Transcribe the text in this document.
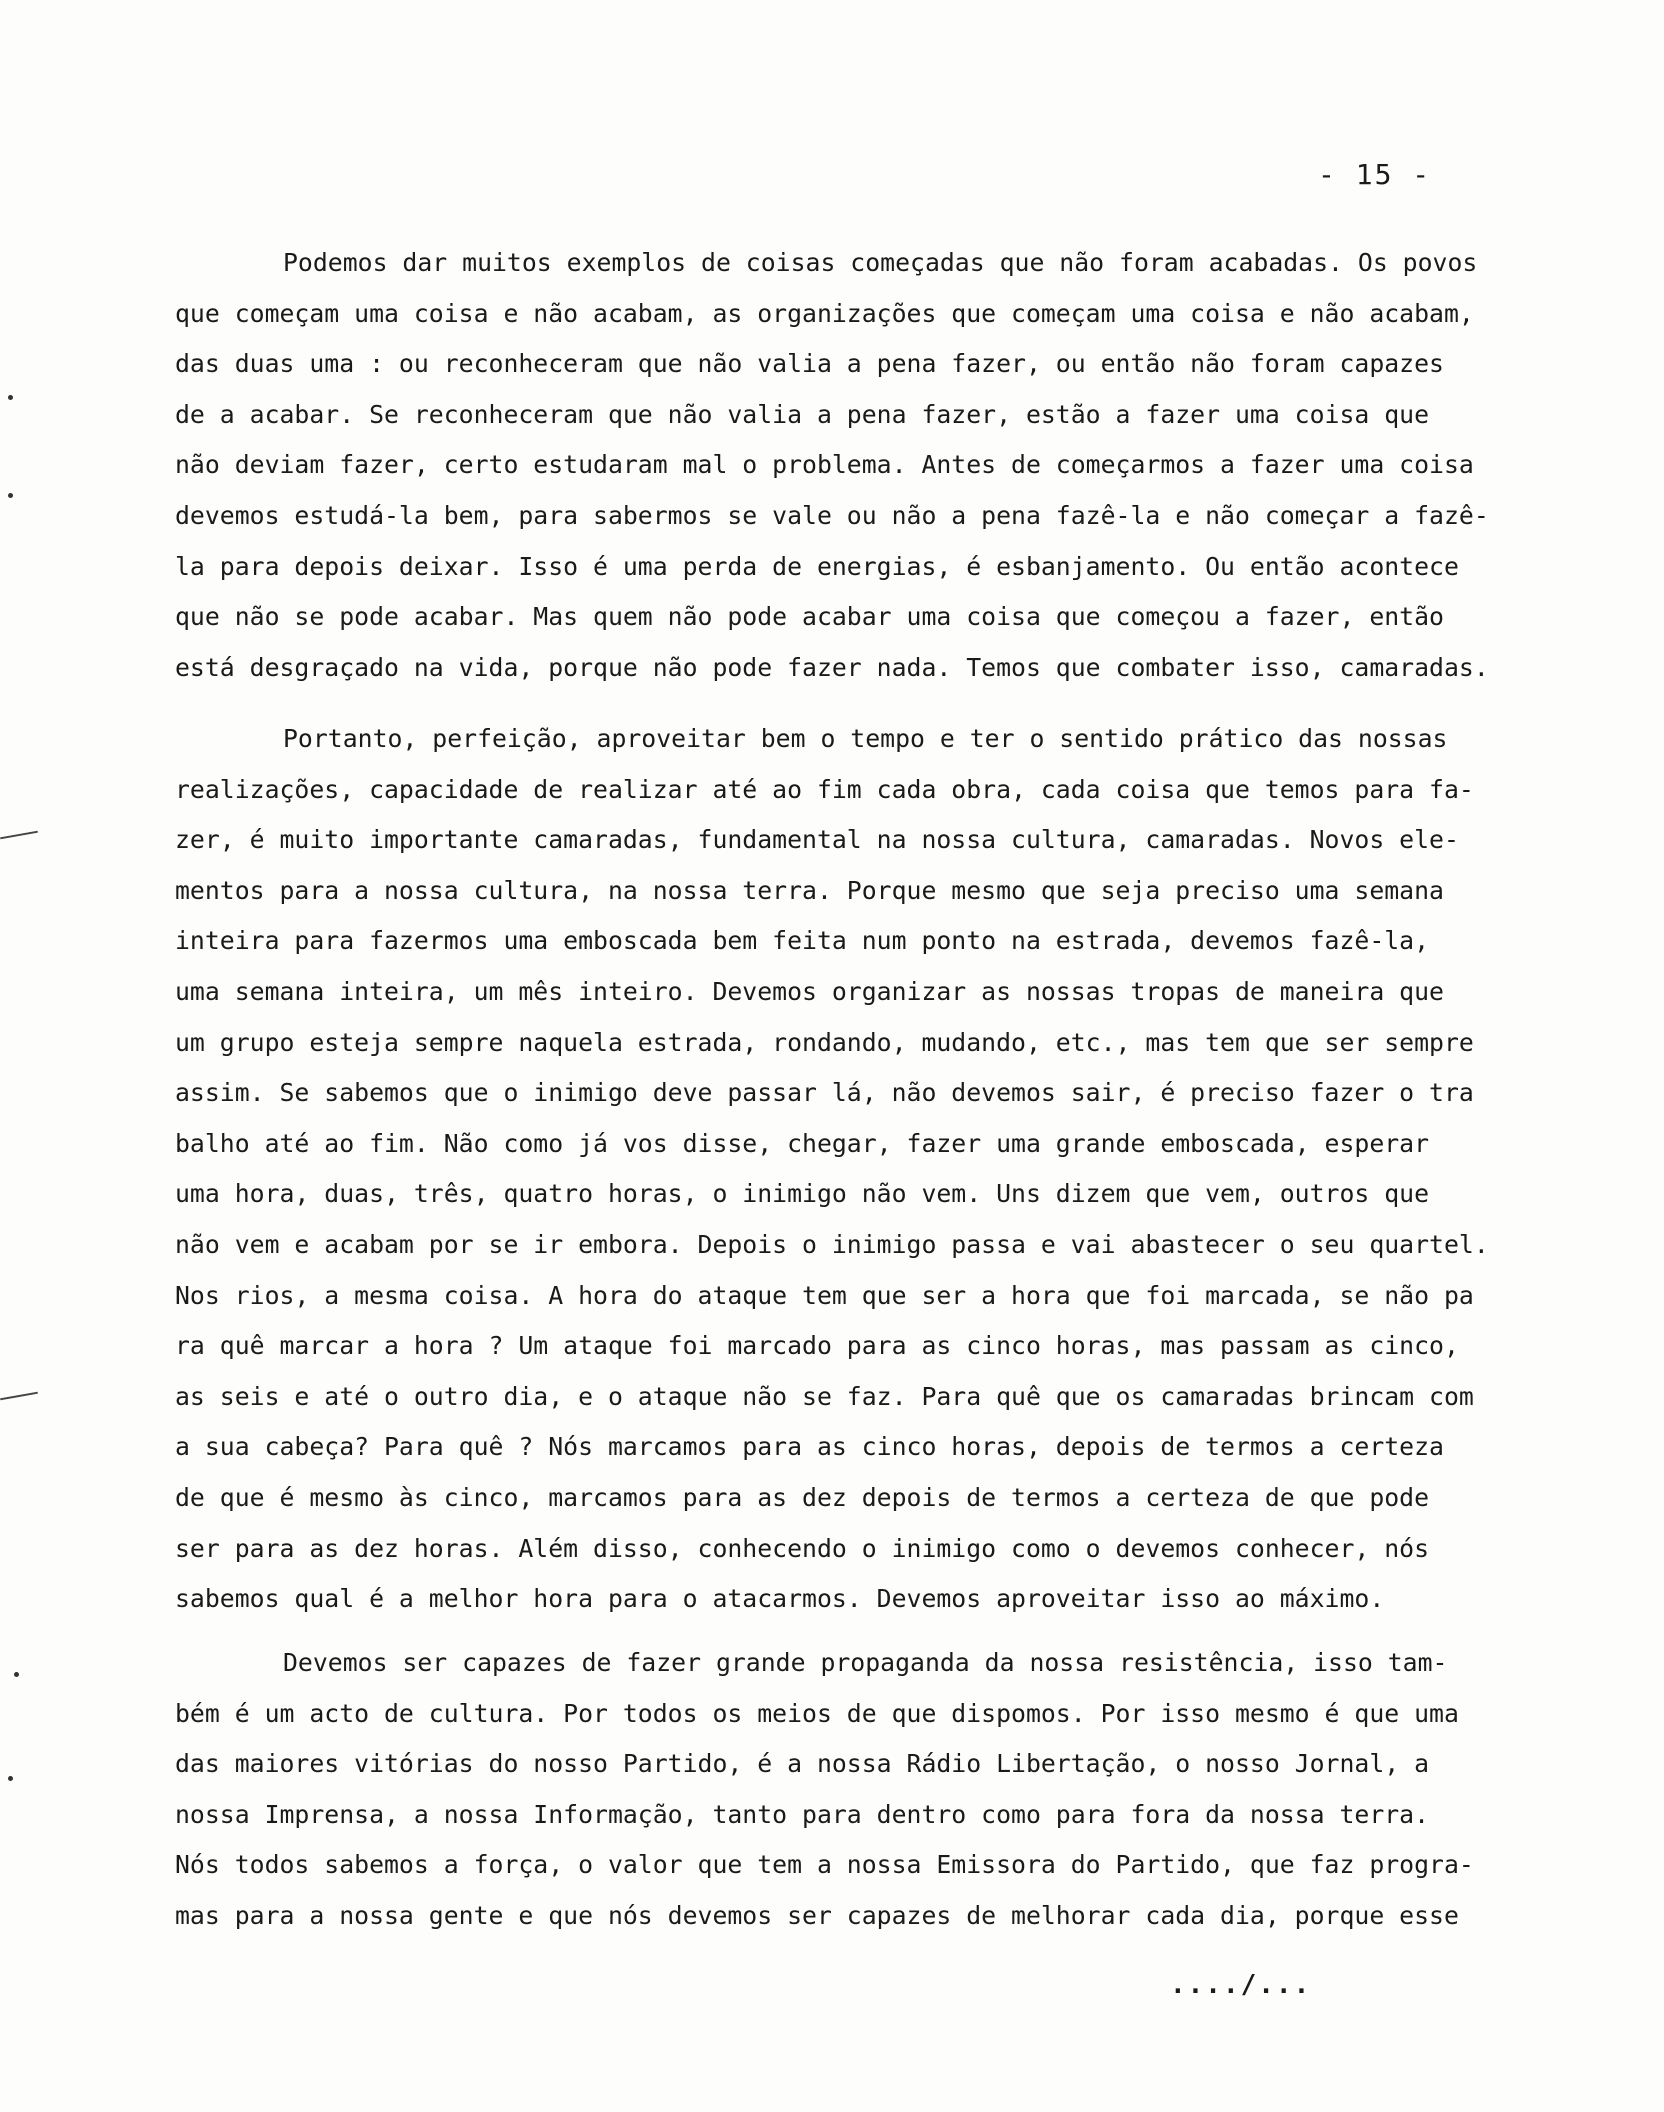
- 15 -
Podemos dar muitos exemplos de coisas começadas que não foram acabadas. Os povos
que começam uma coisa e não acabam, as organizações que começam uma coisa e não acabam,
das duas uma : ou reconheceram que não valia a pena fazer, ou então não foram capazes
de a acabar. Se reconheceram que não valia a pena fazer, estão a fazer uma coisa que
não deviam fazer, certo estudaram mal o problema. Antes de começarmos a fazer uma coisa
devemos estudá-la bem, para sabermos se vale ou não a pena fazê-la e não começar a fazê-
la para depois deixar. Isso é uma perda de energias, é esbanjamento. Ou então acontece
que não se pode acabar. Mas quem não pode acabar uma coisa que começou a fazer, então
está desgraçado na vida, porque não pode fazer nada. Temos que combater isso, camaradas.
Portanto, perfeição, aproveitar bem o tempo e ter o sentido prático das nossas
realizações, capacidade de realizar até ao fim cada obra, cada coisa que temos para fa-
zer, é muito importante camaradas, fundamental na nossa cultura, camaradas. Novos ele-
mentos para a nossa cultura, na nossa terra. Porque mesmo que seja preciso uma semana
inteira para fazermos uma emboscada bem feita num ponto na estrada, devemos fazê-la,
uma semana inteira, um mês inteiro. Devemos organizar as nossas tropas de maneira que
um grupo esteja sempre naquela estrada, rondando, mudando, etc., mas tem que ser sempre
assim. Se sabemos que o inimigo deve passar lá, não devemos sair, é preciso fazer o tra
balho até ao fim. Não como já vos disse, chegar, fazer uma grande emboscada, esperar
uma hora, duas, três, quatro horas, o inimigo não vem. Uns dizem que vem, outros que
não vem e acabam por se ir embora. Depois o inimigo passa e vai abastecer o seu quartel.
Nos rios, a mesma coisa. A hora do ataque tem que ser a hora que foi marcada, se não pa
ra quê marcar a hora ? Um ataque foi marcado para as cinco horas, mas passam as cinco,
as seis e até o outro dia, e o ataque não se faz. Para quê que os camaradas brincam com
a sua cabeça? Para quê ? Nós marcamos para as cinco horas, depois de termos a certeza
de que é mesmo às cinco, marcamos para as dez depois de termos a certeza de que pode
ser para as dez horas. Além disso, conhecendo o inimigo como o devemos conhecer, nós
sabemos qual é a melhor hora para o atacarmos. Devemos aproveitar isso ao máximo.
Devemos ser capazes de fazer grande propaganda da nossa resistência, isso tam-
bém é um acto de cultura. Por todos os meios de que dispomos. Por isso mesmo é que uma
das maiores vitórias do nosso Partido, é a nossa Rádio Libertação, o nosso Jornal, a
nossa Imprensa, a nossa Informação, tanto para dentro como para fora da nossa terra.
Nós todos sabemos a força, o valor que tem a nossa Emissora do Partido, que faz progra-
mas para a nossa gente e que nós devemos ser capazes de melhorar cada dia, porque esse
..../...
